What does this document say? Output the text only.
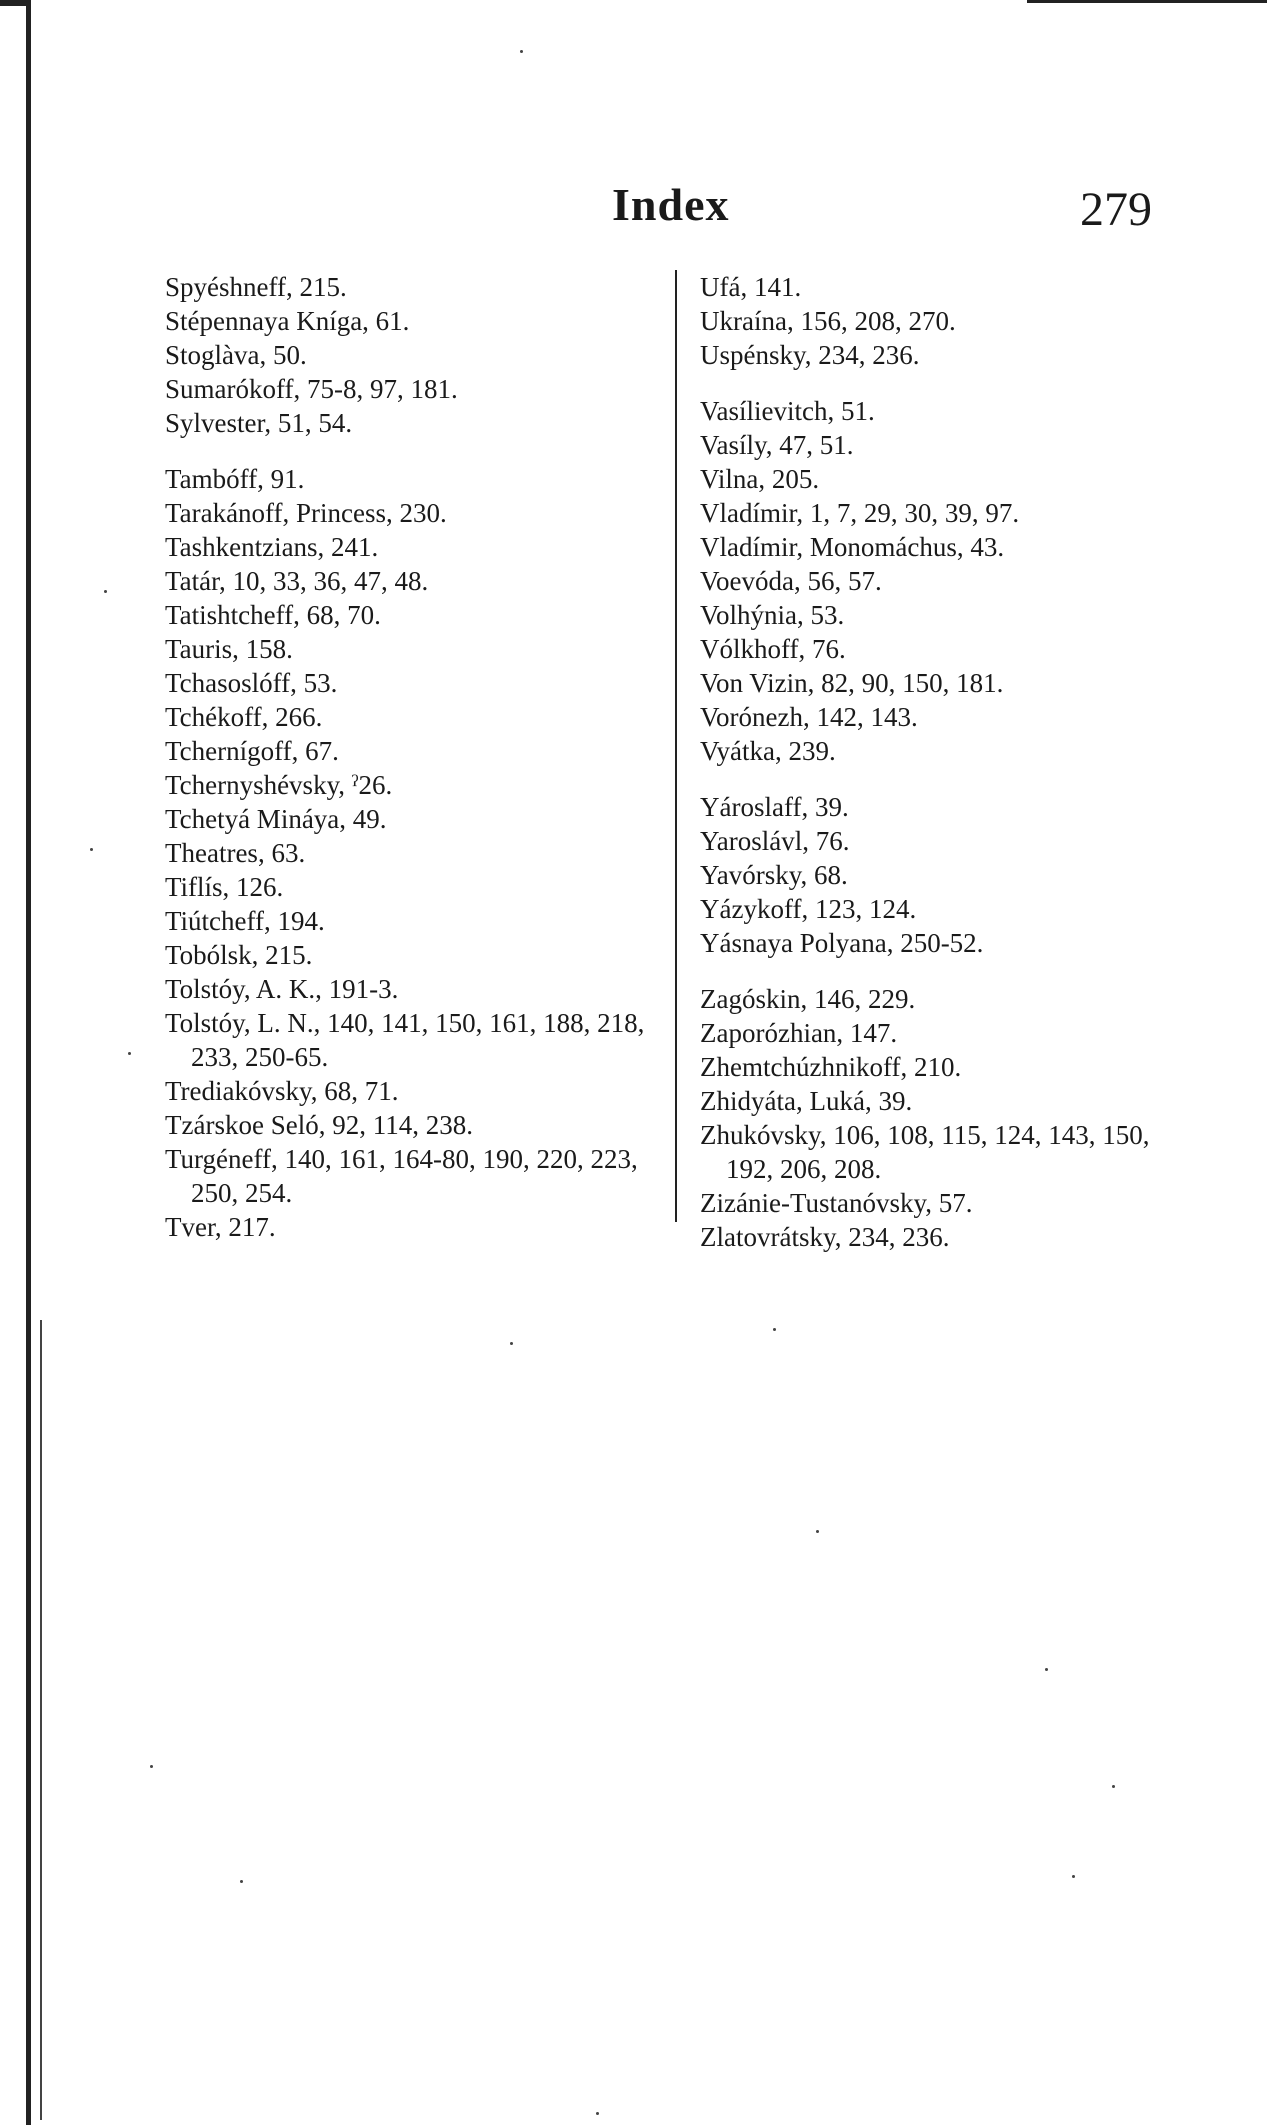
Index	279
Spyéshneff, 215.
Stépennaya Kníga, 61.
Stoglàva, 50.
Sumarókoff, 75-8, 97, 181.
Sylvester, 51, 54.
Tambóff, 91.
Tarakánoff, Princess, 230.
Tashkentzians, 241.
Tatár, 10, 33, 36, 47, 48.
Tatishtcheff, 68, 70.
Tauris, 158.
Tchasoslóff, 53.
Tchékoff, 266.
Tchernígoff, 67.
Tchernyshévsky, ˀ26.
Tchetyá Mináya, 49.
Theatres, 63.
Tiflís, 126.
Tiútcheff, 194.
Tobólsk, 215.
Tolstóy, A. K., 191-3.
Tolstóy, L. N., 140, 141, 150, 161, 188, 218, 233, 250-65.
Trediakóvsky, 68, 71.
Tzárskoe Seló, 92, 114, 238.
Turgéneff, 140, 161, 164-80, 190, 220, 223, 250, 254.
Tver, 217.
Ufá, 141.
Ukraína, 156, 208, 270.
Uspénsky, 234, 236.
Vasílievitch, 51.
Vasíly, 47, 51.
Vilna, 205.
Vladímir, 1, 7, 29, 30, 39, 97.
Vladímir, Monomáchus, 43.
Voevóda, 56, 57.
Volhýnia, 53.
Vólkhoff, 76.
Von Vizin, 82, 90, 150, 181.
Vorónezh, 142, 143.
Vyátka, 239.
Yároslaff, 39.
Yaroslávl, 76.
Yavórsky, 68.
Yázykoff, 123, 124.
Yásnaya Polyana, 250-52.
Zagóskin, 146, 229.
Zaporózhian, 147.
Zhemtchúzhnikoff, 210.
Zhidyáta, Luká, 39.
Zhukóvsky, 106, 108, 115, 124, 143, 150, 192, 206, 208.
Zizánie-Tustanóvsky, 57.
Zlatovrátsky, 234, 236.
